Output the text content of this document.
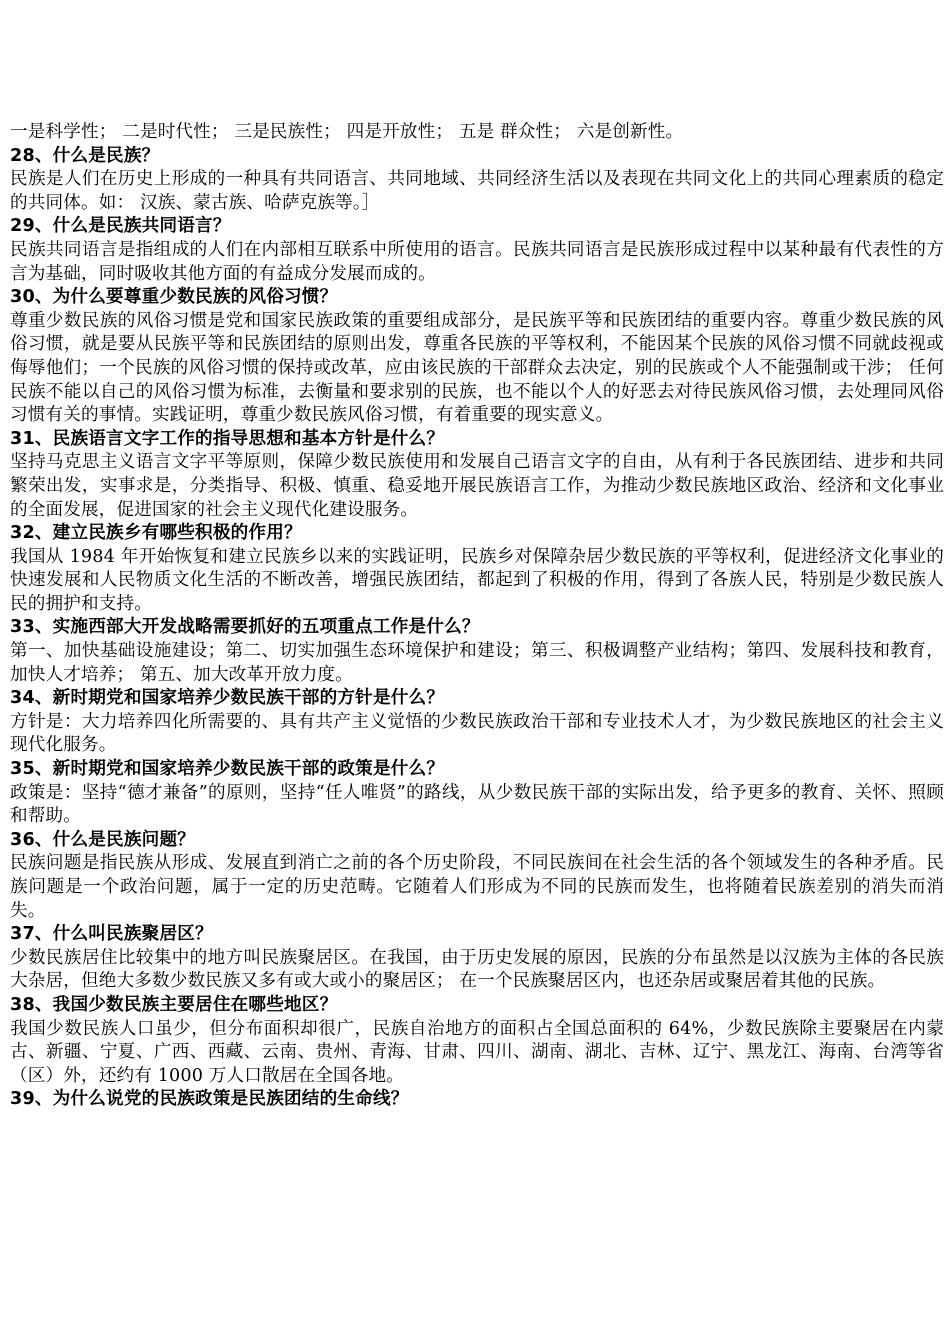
一是科学性； 二是时代性； 三是民族性； 四是开放性； 五是 群众性； 六是创新性。

28、什么是民族？

民族是人们在历史上形成的一种具有共同语言、共同地域、共同经济生活以及表现在共同文化上的共同心理素质的稳定的共同体。如： 汉族、蒙古族、哈萨克族等。］

29、什么是民族共同语言？

民族共同语言是指组成的人们在内部相互联系中所使用的语言。民族共同语言是民族形成过程中以某种最有代表性的方言为基础，同时吸收其他方面的有益成分发展而成的。

30、为什么要尊重少数民族的风俗习惯？

尊重少数民族的风俗习惯是党和国家民族政策的重要组成部分，是民族平等和民族团结的重要内容。尊重少数民族的风俗习惯，就是要从民族平等和民族团结的原则出发，尊重各民族的平等权利，不能因某个民族的风俗习惯不同就歧视或侮辱他们；一个民族的风俗习惯的保持或改革，应由该民族的干部群众去决定，别的民族或个人不能强制或干涉； 任何民族不能以自己的风俗习惯为标准，去衡量和要求别的民族，也不能以个人的好恶去对待民族风俗习惯，去处理同风俗习惯有关的事情。实践证明，尊重少数民族风俗习惯，有着重要的现实意义。

31、民族语言文字工作的指导思想和基本方针是什么？

坚持马克思主义语言文字平等原则，保障少数民族使用和发展自己语言文字的自由，从有利于各民族团结、进步和共同繁荣出发，实事求是，分类指导、积极、慎重、稳妥地开展民族语言工作，为推动少数民族地区政治、经济和文化事业的全面发展，促进国家的社会主义现代化建设服务。

32、建立民族乡有哪些积极的作用？

我国从 1984 年开始恢复和建立民族乡以来的实践证明，民族乡对保障杂居少数民族的平等权利，促进经济文化事业的快速发展和人民物质文化生活的不断改善，增强民族团结，都起到了积极的作用，得到了各族人民，特别是少数民族人民的拥护和支持。

33、实施西部大开发战略需要抓好的五项重点工作是什么？

第一、加快基础设施建设；第二、切实加强生态环境保护和建设；第三、积极调整产业结构；第四、发展科技和教育，加快人才培养； 第五、加大改革开放力度。

34、新时期党和国家培养少数民族干部的方针是什么？

方针是：大力培养四化所需要的、具有共产主义觉悟的少数民族政治干部和专业技术人才，为少数民族地区的社会主义现代化服务。

35、新时期党和国家培养少数民族干部的政策是什么？

政策是：坚持“德才兼备”的原则，坚持“任人唯贤”的路线，从少数民族干部的实际出发，给予更多的教育、关怀、照顾和帮助。

36、什么是民族问题？

民族问题是指民族从形成、发展直到消亡之前的各个历史阶段，不同民族间在社会生活的各个领域发生的各种矛盾。民族问题是一个政治问题，属于一定的历史范畴。它随着人们形成为不同的民族而发生，也将随着民族差别的消失而消失。

37、什么叫民族聚居区？

少数民族居住比较集中的地方叫民族聚居区。在我国，由于历史发展的原因，民族的分布虽然是以汉族为主体的各民族大杂居，但绝大多数少数民族又多有或大或小的聚居区； 在一个民族聚居区内，也还杂居或聚居着其他的民族。

38、我国少数民族主要居住在哪些地区？

我国少数民族人口虽少，但分布面积却很广，民族自治地方的面积占全国总面积的 64%，少数民族除主要聚居在内蒙古、新疆、宁夏、广西、西藏、云南、贵州、青海、甘肃、四川、湖南、湖北、吉林、辽宁、黑龙江、海南、台湾等省（区）外，还约有 1000 万人口散居在全国各地。

39、为什么说党的民族政策是民族团结的生命线？
